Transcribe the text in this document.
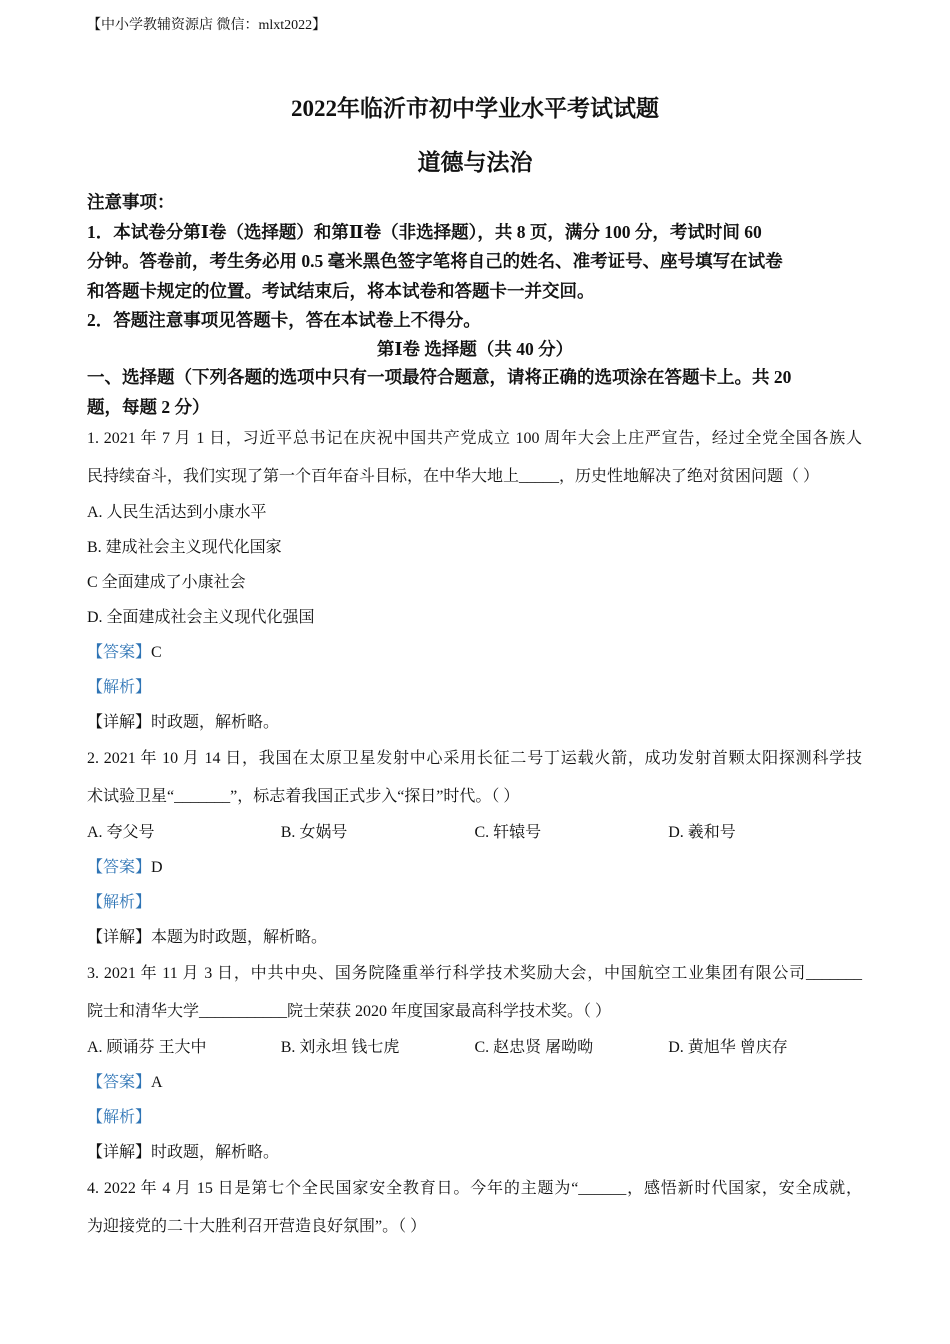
【中小学教辅资源店 微信：mlxt2022】
2022年临沂市初中学业水平考试试题
道德与法治
注意事项：
1．本试卷分第Ⅰ卷（选择题）和第Ⅱ卷（非选择题），共 8 页，满分 100 分，考试时间 60
分钟。答卷前，考生务必用 0.5 毫米黑色签字笔将自己的姓名、准考证号、座号填写在试卷
和答题卡规定的位置。考试结束后，将本试卷和答题卡一并交回。
2．答题注意事项见答题卡，答在本试卷上不得分。
第Ⅰ卷 选择题（共 40 分）
一、选择题（下列各题的选项中只有一项最符合题意，请将正确的选项涂在答题卡上。共 20
题，每题 2 分）
1. 2021 年 7 月 1 日，习近平总书记在庆祝中国共产党成立 100 周年大会上庄严宣告，经过全党全国各族人
民持续奋斗，我们实现了第一个百年奋斗目标，在中华大地上_____，历史性地解决了绝对贫困问题（ ）
A. 人民生活达到小康水平
B. 建成社会主义现代化国家
C 全面建成了小康社会
D. 全面建成社会主义现代化强国
【答案】C
【解析】
【详解】时政题，解析略。
2. 2021 年 10 月 14 日，我国在太原卫星发射中心采用长征二号丁运载火箭，成功发射首颗太阳探测科学技
术试验卫星“_______”，标志着我国正式步入“探日”时代。（ ）
A. 夸父号	B. 女娲号	C. 轩辕号	D. 羲和号
【答案】D
【解析】
【详解】本题为时政题，解析略。
3. 2021 年 11 月 3 日，中共中央、国务院隆重举行科学技术奖励大会，中国航空工业集团有限公司_______
院士和清华大学___________院士荣获 2020 年度国家最高科学技术奖。（ ）
A. 顾诵芬 王大中	B. 刘永坦 钱七虎	C. 赵忠贤 屠呦呦	D. 黄旭华 曾庆存
【答案】A
【解析】
【详解】时政题，解析略。
4. 2022 年 4 月 15 日是第七个全民国家安全教育日。今年的主题为“______，感悟新时代国家，安全成就，
为迎接党的二十大胜利召开营造良好氛围”。（ ）
